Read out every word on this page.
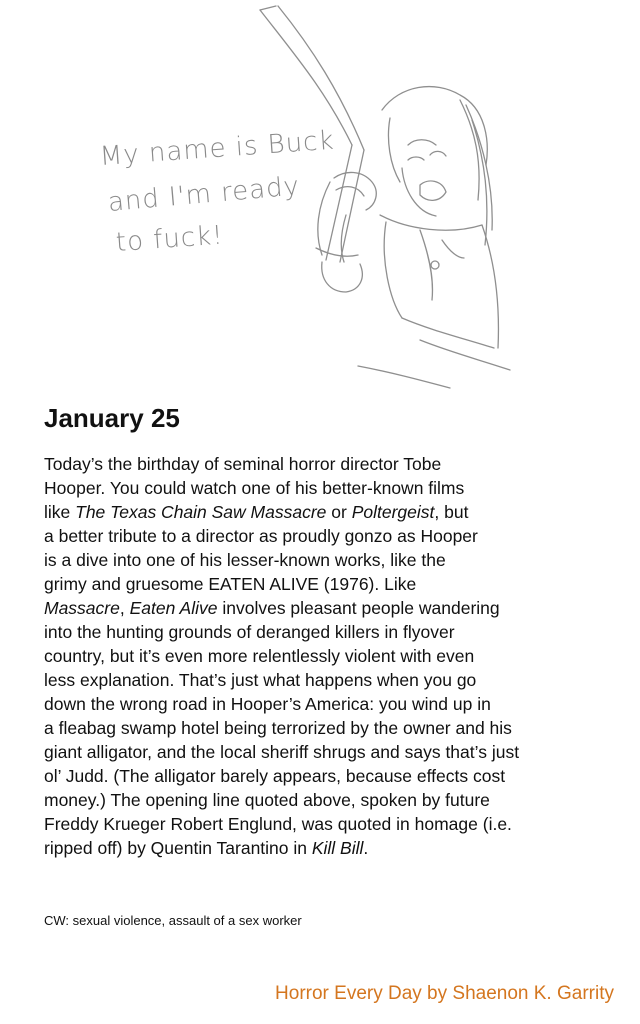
My name is Buck
and I'm ready
to fuck!
January 25
Today’s the birthday of seminal horror director Tobe
Hooper. You could watch one of his better-known films
like The Texas Chain Saw Massacre or Poltergeist, but
a better tribute to a director as proudly gonzo as Hooper
is a dive into one of his lesser-known works, like the
grimy and gruesome EATEN ALIVE (1976). Like
Massacre, Eaten Alive involves pleasant people wandering
into the hunting grounds of deranged killers in flyover
country, but it’s even more relentlessly violent with even
less explanation. That’s just what happens when you go
down the wrong road in Hooper’s America: you wind up in
a fleabag swamp hotel being terrorized by the owner and his
giant alligator, and the local sheriff shrugs and says that’s just
ol’ Judd. (The alligator barely appears, because effects cost
money.) The opening line quoted above, spoken by future
Freddy Krueger Robert Englund, was quoted in homage (i.e.
ripped off) by Quentin Tarantino in Kill Bill.
CW: sexual violence, assault of a sex worker
Horror Every Day by Shaenon K. Garrity
